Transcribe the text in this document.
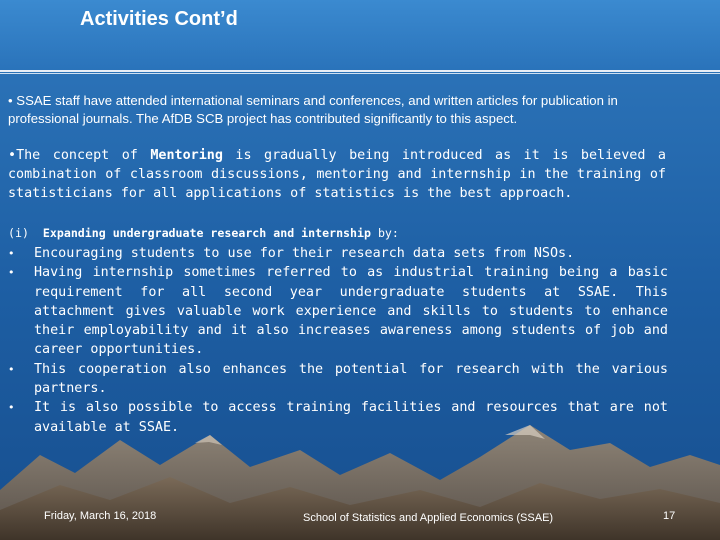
Activities Cont’d
• SSAE staff have attended international seminars and conferences, and written articles for publication in professional journals. The AfDB SCB project has contributed significantly to this aspect.
•The concept of Mentoring is gradually being introduced as it is believed a combination of classroom discussions, mentoring and internship in the training of statisticians for all applications of statistics is the best approach.
(i)  Expanding undergraduate research and internship by:
•	Encouraging students to use for their research data sets from NSOs.
•	Having internship sometimes referred to as industrial training being a basic requirement for all second year undergraduate students at SSAE. This attachment gives valuable work experience and skills to students to enhance their employability and it also increases awareness among students of job and career opportunities.
•	This cooperation also enhances the potential for research with the various partners.
•	It is also possible to access training facilities and resources that are not available at SSAE.
Friday, March 16, 2018	School of Statistics and Applied Economics (SSAE)	17
